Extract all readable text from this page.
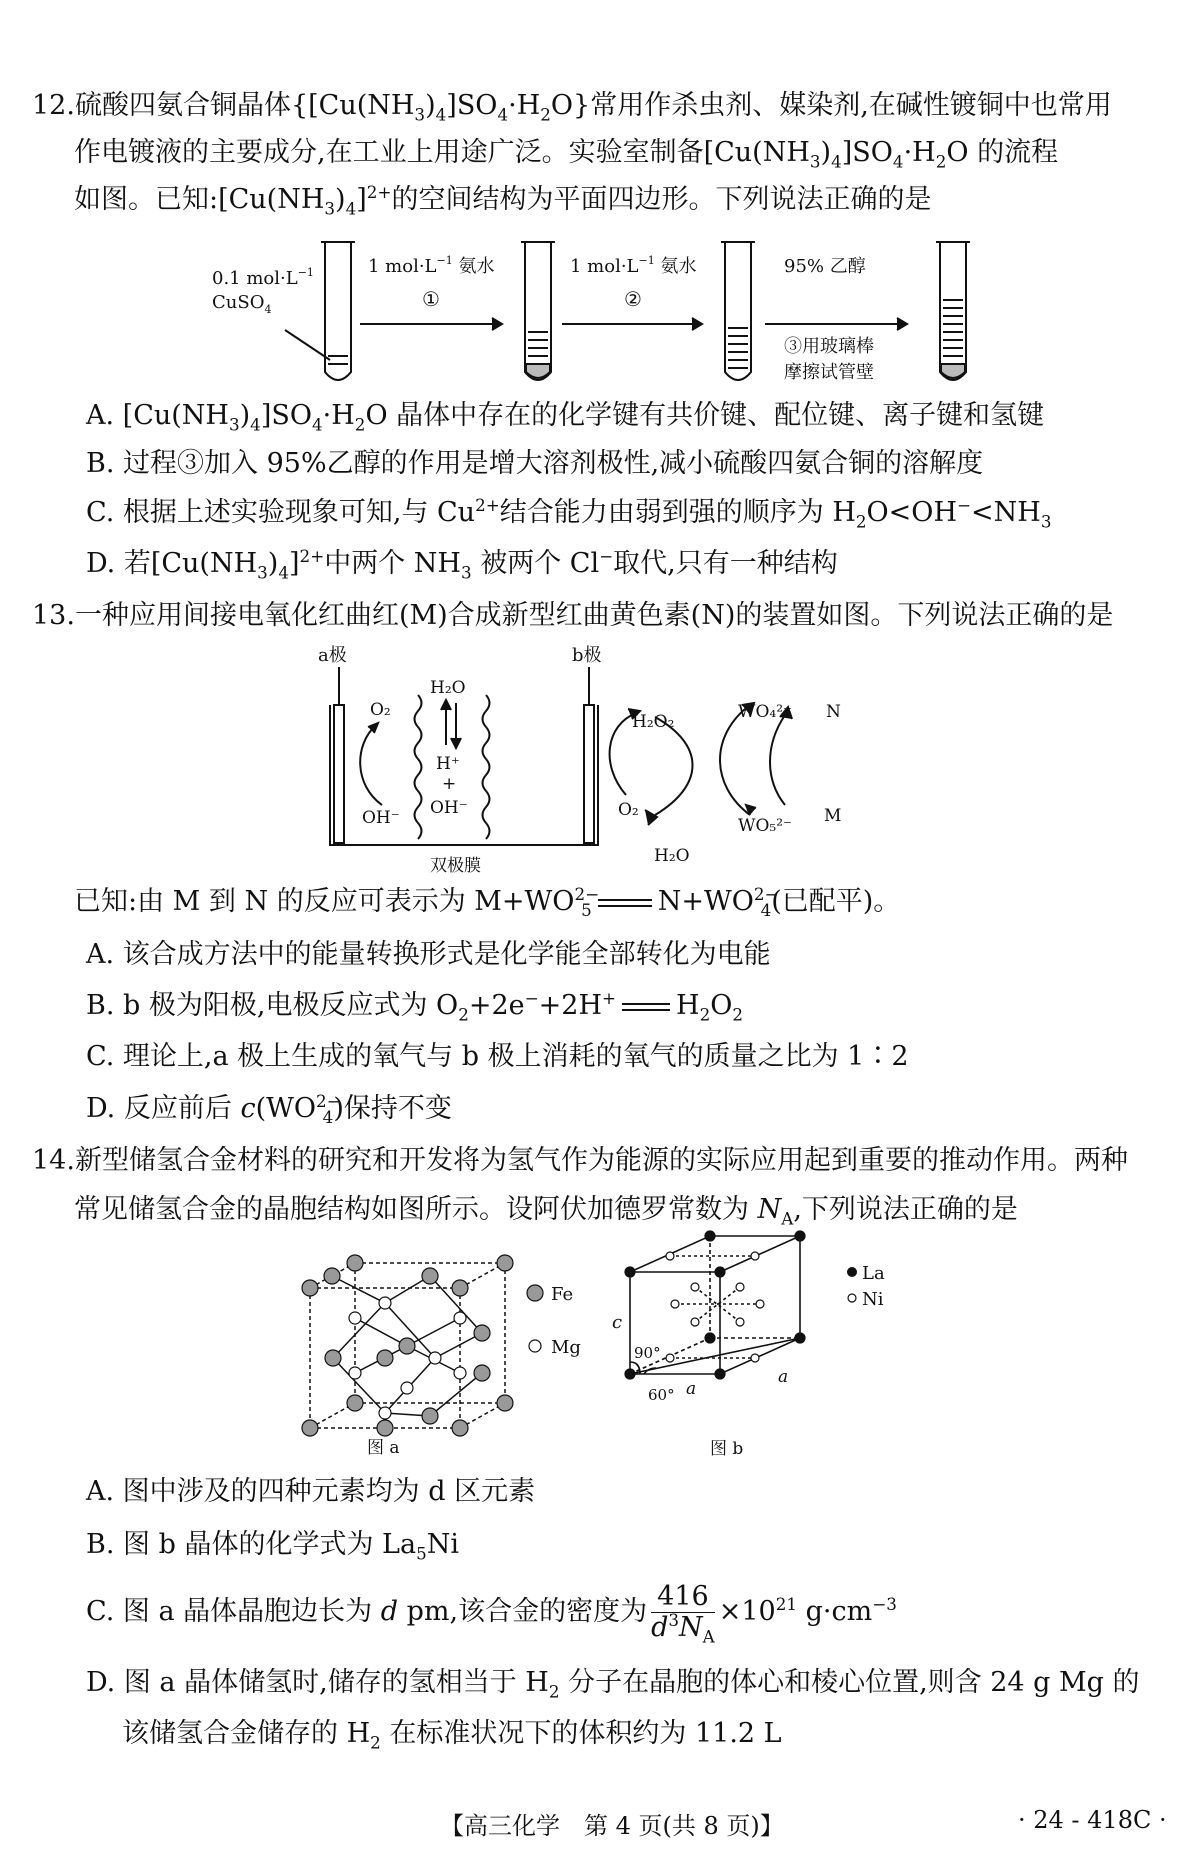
12.硫酸四氨合铜晶体$\{[Cu(NH_3)_4]SO_4\cdot H_2O\}$常用作杀虫剂、媒染剂,在碱性镀铜中也常用
作电镀液的主要成分,在工业上用途广泛。实验室制备$[Cu(NH_3)_4]SO_4\cdot H_2O$ 的流程
如图。已知$:[Cu(NH_3)_4]^{2+}$的空间结构为平面四边形。下列说法正确的是
0.1 $mol\cdot L^{-1}$
CuSO$_4$
1 $mol\cdot L^{-1}$ 氨水
①
1 $mol\cdot L^{-1}$ 氨水
②
95% 乙醇
③用玻璃棒
摩擦试管壁
A. $[Cu(NH_3)_4]SO_4\cdot H_2O$ 晶体中存在的化学键有共价键、配位键、离子键和氢键
B. 过程③加入 95%乙醇的作用是增大溶剂极性,减小硫酸四氨合铜的溶解度
C. 根据上述实验现象可知,与 $Cu^{2+}$结合能力由弱到强的顺序为 $H_2O<OH^-<NH_3$
D. 若$[Cu(NH_3)_4]^{2+}$中两个 $NH_3$ 被两个 Cl−取代,只有一种结构
13.一种应用间接电氧化红曲红(M)合成新型红曲黄色素(N)的装置如图。下列说法正确的是
a极	b极
O₂
OH⁻
H₂O
H⁺
+
OH⁻
双极膜
H₂O₂
O₂
H₂O
WO₄²⁻
WO₅²⁻
N
M
已知:由 M 到 N 的反应可表示为 $M+WO^{2-}_5$ $N+WO^{2-}_4$(已配平)。
A. 该合成方法中的能量转换形式是化学能全部转化为电能
B. b 极为阳极,电极反应式为 $O_2+2e^-+2H^+$ $H_2O_2$
C. 理论上,a 极上生成的氧气与 b 极上消耗的氧气的质量之比为 1∶2
D. 反应前后 $c(WO^{2-}_4)$保持不变
14.新型储氢合金材料的研究和开发将为氢气作为能源的实际应用起到重要的推动作用。两种
常见储氢合金的晶胞结构如图所示。设阿伏加德罗常数为 $N_A$,下列说法正确的是
Fe
Mg
图 a
La
Ni
c
90°
60° a
a
图 b
A. 图中涉及的四种元素均为 d 区元素
B. 图 b 晶体的化学式为 $La_5Ni$
C. 图 a 晶体晶胞边长为 d pm,该合金的密度为 $\frac{416}{d^3N_A} \times 10^{21}$ $g\cdot cm^{-3}$
D. 图 a 晶体储氢时,储存的氢相当于 $H_2$ 分子在晶胞的体心和棱心位置,则含 24 g Mg 的
该储氢合金储存的 $H_2$ 在标准状况下的体积约为 11.2 L
【高三化学　第 4 页(共 8 页)】	· 24 - 418C ·
